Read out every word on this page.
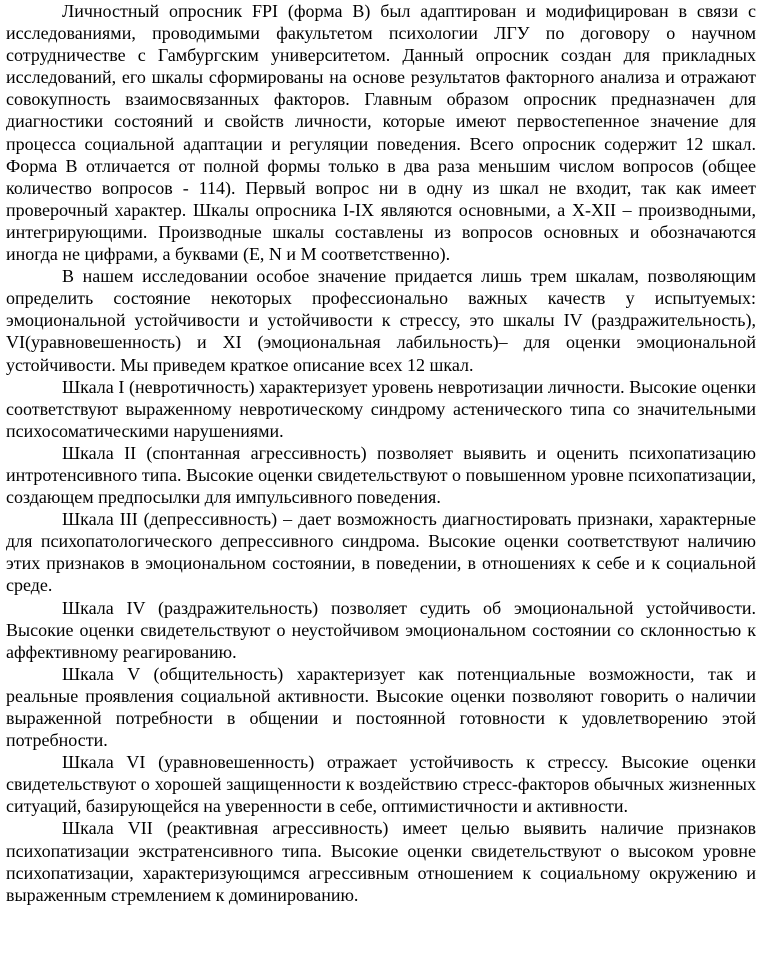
Личностный опросник FPI (форма В) был адаптирован и модифицирован в связи с исследованиями, проводимыми факультетом психологии ЛГУ по договору о научном сотрудничестве с Гамбургским университетом. Данный опросник создан для прикладных исследований, его шкалы сформированы на основе результатов факторного анализа и отражают совокупность взаимосвязанных факторов. Главным образом опросник предназначен для диагностики состояний и свойств личности, которые имеют первостепенное значение для процесса социальной адаптации и регуляции поведения. Всего опросник содержит 12 шкал. Форма В отличается от полной формы только в два раза меньшим числом вопросов (общее количество вопросов - 114). Первый вопрос ни в одну из шкал не входит, так как имеет проверочный характер. Шкалы опросника I-IX являются основными, а X-XII – производными, интегрирующими. Производные шкалы составлены из вопросов основных и обозначаются иногда не цифрами, а буквами (E, N и М соответственно).

В нашем исследовании особое значение придается лишь трем шкалам, позволяющим определить состояние некоторых профессионально важных качеств у испытуемых: эмоциональной устойчивости и устойчивости к стрессу, это шкалы IV (раздражительность), VI(уравновешенность) и XI (эмоциональная лабильность)– для оценки эмоциональной устойчивости. Мы приведем краткое описание всех 12 шкал.

Шкала I (невротичность) характеризует уровень невротизации личности. Высокие оценки соответствуют выраженному невротическому синдрому астенического типа со значительными психосоматическими нарушениями.

Шкала II (спонтанная агрессивность) позволяет выявить и оценить психопатизацию интротенсивного типа. Высокие оценки свидетельствуют о повышенном уровне психопатизации, создающем предпосылки для импульсивного поведения.

Шкала III (депрессивность) – дает возможность диагностировать признаки, характерные для психопатологического депрессивного синдрома. Высокие оценки соответствуют наличию этих признаков в эмоциональном состоянии, в поведении, в отношениях к себе и к социальной среде.

Шкала IV (раздражительность) позволяет судить об эмоциональной устойчивости. Высокие оценки свидетельствуют о неустойчивом эмоциональном состоянии со склонностью к аффективному реагированию.

Шкала V (общительность) характеризует как потенциальные возможности, так и реальные проявления социальной активности. Высокие оценки позволяют говорить о наличии выраженной потребности в общении и постоянной готовности к удовлетворению этой потребности.

Шкала VI (уравновешенность) отражает устойчивость к стрессу. Высокие оценки свидетельствуют о хорошей защищенности к воздействию стресс-факторов обычных жизненных ситуаций, базирующейся на уверенности в себе, оптимистичности и активности.

Шкала VII (реактивная агрессивность) имеет целью выявить наличие признаков психопатизации экстратенсивного типа. Высокие оценки свидетельствуют о высоком уровне психопатизации, характеризующимся агрессивным отношением к социальному окружению и выраженным стремлением к доминированию.
